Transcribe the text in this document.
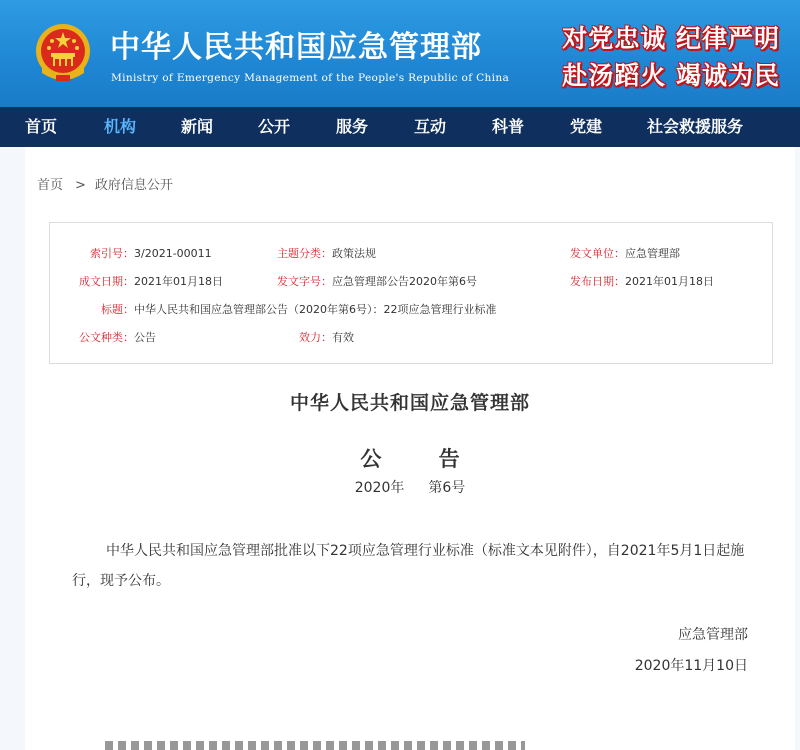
中华人民共和国应急管理部
Ministry of Emergency Management of the People's Republic of China
对党忠诚 纪律严明
赴汤蹈火 竭诚为民
首页	机构	新闻	公开	服务	互动	科普	党建	社会救援服务
首页 > 政府信息公开
索引号：3/2021-00011	主题分类：政策法规	发文单位：应急管理部
成文日期：2021年01月18日	发文字号：应急管理部公告2020年第6号	发布日期：2021年01月18日
标题：中华人民共和国应急管理部公告（2020年第6号）：22项应急管理行业标准
公文种类：公告	效力：有效
中华人民共和国应急管理部
公	告
2020年 第6号
中华人民共和国应急管理部批准以下22项应急管理行业标准（标准文本见附件），自2021年5月1日起施行，现予公布。
应急管理部
2020年11月10日
